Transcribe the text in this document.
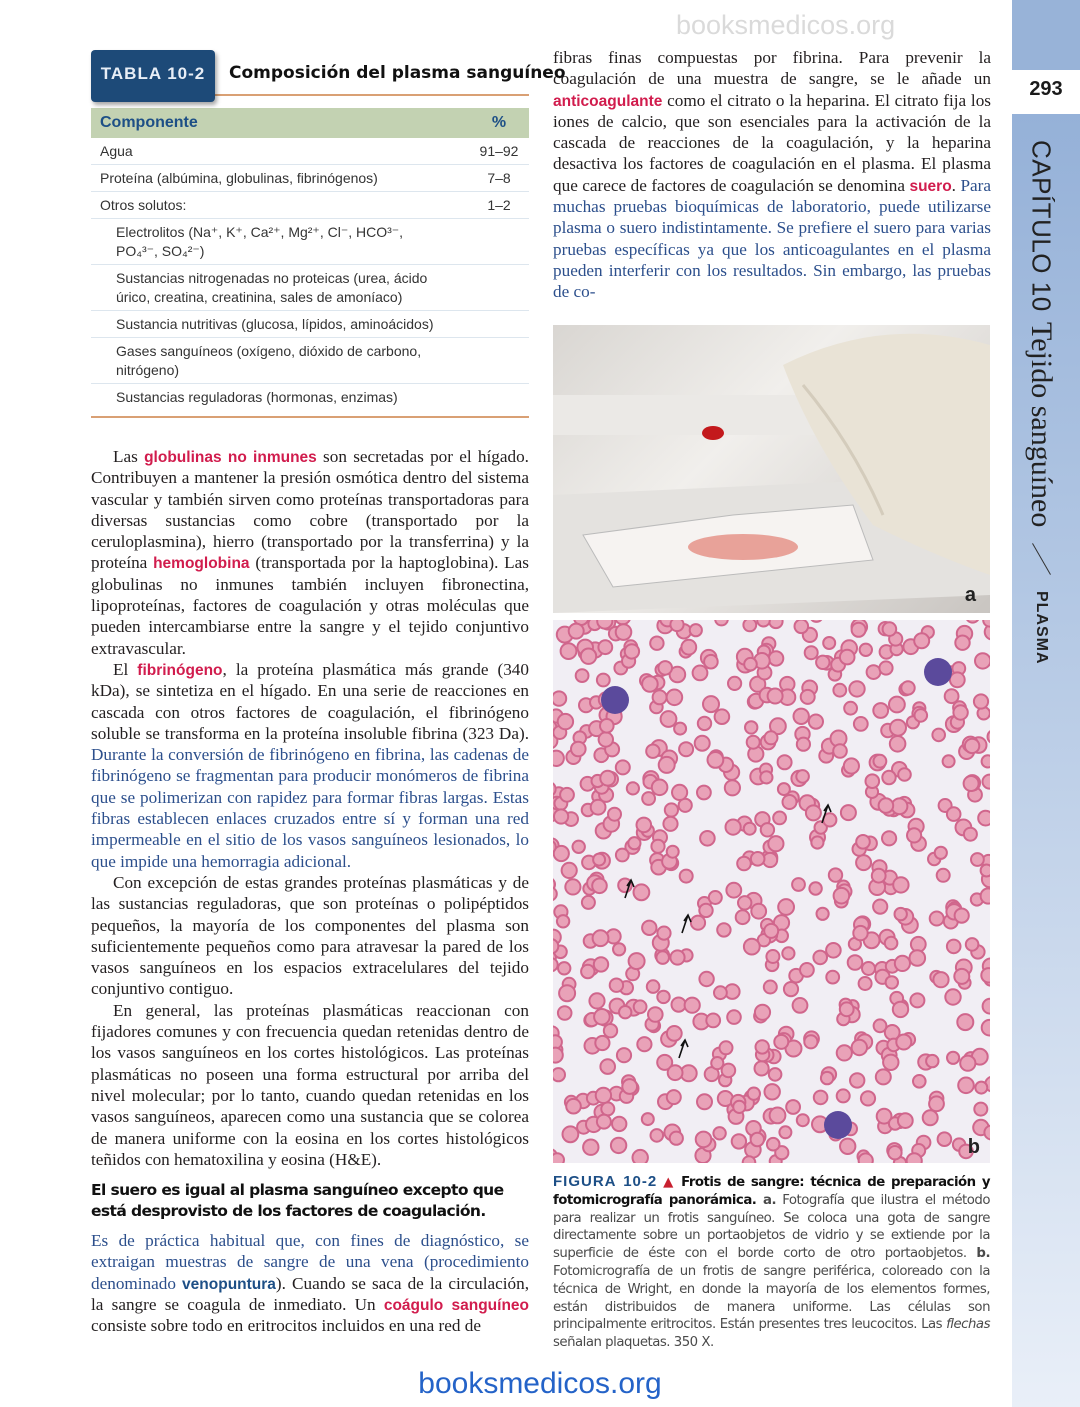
293
CAPÍTULO 10
Tejido sanguíneo
PLASMA
TABLA 10-2	Composición del plasma sanguíneo
Componente	%
Agua	91–92
Proteína (albúmina, globulinas, fibrinógenos)	7–8
Otros solutos:	1–2
Electrolitos (Na⁺, K⁺, Ca²⁺, Mg²⁺, Cl⁻, HCO³⁻, PO₄³⁻, SO₄²⁻)
Sustancias nitrogenadas no proteicas (urea, ácido úrico, creatina, creatinina, sales de amoníaco)
Sustancia nutritivas (glucosa, lípidos, aminoácidos)
Gases sanguíneos (oxígeno, dióxido de carbono, nitrógeno)
Sustancias reguladoras (hormonas, enzimas)

Las globulinas no inmunes son secretadas por el hígado. Contribuyen a mantener la presión osmótica dentro del sistema vascular y también sirven como proteínas transportadoras para diversas sustancias como cobre (transportado por la ceruloplasmina), hierro (transportado por la transferrina) y la proteína hemoglobina (transportada por la haptoglobina). Las globulinas no inmunes también incluyen fibronectina, lipoproteínas, factores de coagulación y otras moléculas que pueden intercambiarse entre la sangre y el tejido conjuntivo extravascular.

El fibrinógeno, la proteína plasmática más grande (340 kDa), se sintetiza en el hígado. En una serie de reacciones en cascada con otros factores de coagulación, el fibrinógeno soluble se transforma en la proteína insoluble fibrina (323 Da). Durante la conversión de fibrinógeno en fibrina, las cadenas de fibrinógeno se fragmentan para producir monómeros de fibrina que se polimerizan con rapidez para formar fibras largas. Estas fibras establecen enlaces cruzados entre sí y forman una red impermeable en el sitio de los vasos sanguíneos lesionados, lo que impide una hemorragia adicional.

Con excepción de estas grandes proteínas plasmáticas y de las sustancias reguladoras, que son proteínas o polipéptidos pequeños, la mayoría de los componentes del plasma son suficientemente pequeños como para atravesar la pared de los vasos sanguíneos en los espacios extracelulares del tejido conjuntivo contiguo.

En general, las proteínas plasmáticas reaccionan con fijadores comunes y con frecuencia quedan retenidas dentro de los vasos sanguíneos en los cortes histológicos. Las proteínas plasmáticas no poseen una forma estructural por arriba del nivel molecular; por lo tanto, cuando quedan retenidas en los vasos sanguíneos, aparecen como una sustancia que se colorea de manera uniforme con la eosina en los cortes histológicos teñidos con hematoxilina y eosina (H&E).

El suero es igual al plasma sanguíneo excepto que está desprovisto de los factores de coagulación.

Es de práctica habitual que, con fines de diagnóstico, se extraigan muestras de sangre de una vena (procedimiento denominado venopuntura). Cuando se saca de la circulación, la sangre se coagula de inmediato. Un coágulo sanguíneo consiste sobre todo en eritrocitos incluidos en una red de

fibras finas compuestas por fibrina. Para prevenir la coagulación de una muestra de sangre, se le añade un anticoagulante como el citrato o la heparina. El citrato fija los iones de calcio, que son esenciales para la activación de la cascada de reacciones de la coagulación, y la heparina desactiva los factores de coagulación en el plasma. El plasma que carece de factores de coagulación se denomina suero. Para muchas pruebas bioquímicas de laboratorio, puede utilizarse plasma o suero indistintamente. Se prefiere el suero para varias pruebas específicas ya que los anticoagulantes en el plasma pueden interferir con los resultados. Sin embargo, las pruebas de co-

booksmedicos.org
a
b
FIGURA 10-2 ▲ Frotis de sangre: técnica de preparación y fotomicrografía panorámica. a. Fotografía que ilustra el método para realizar un frotis sanguíneo. Se coloca una gota de sangre directamente sobre un portaobjetos de vidrio y se extiende por la superficie de éste con el borde corto de otro portaobjetos. b. Fotomicrografía de un frotis de sangre periférica, coloreado con la técnica de Wright, en donde la mayoría de los elementos formes, están distribuidos de manera uniforme. Las células son principalmente eritrocitos. Están presentes tres leucocitos. Las flechas señalan plaquetas. 350 X.
booksmedicos.org
